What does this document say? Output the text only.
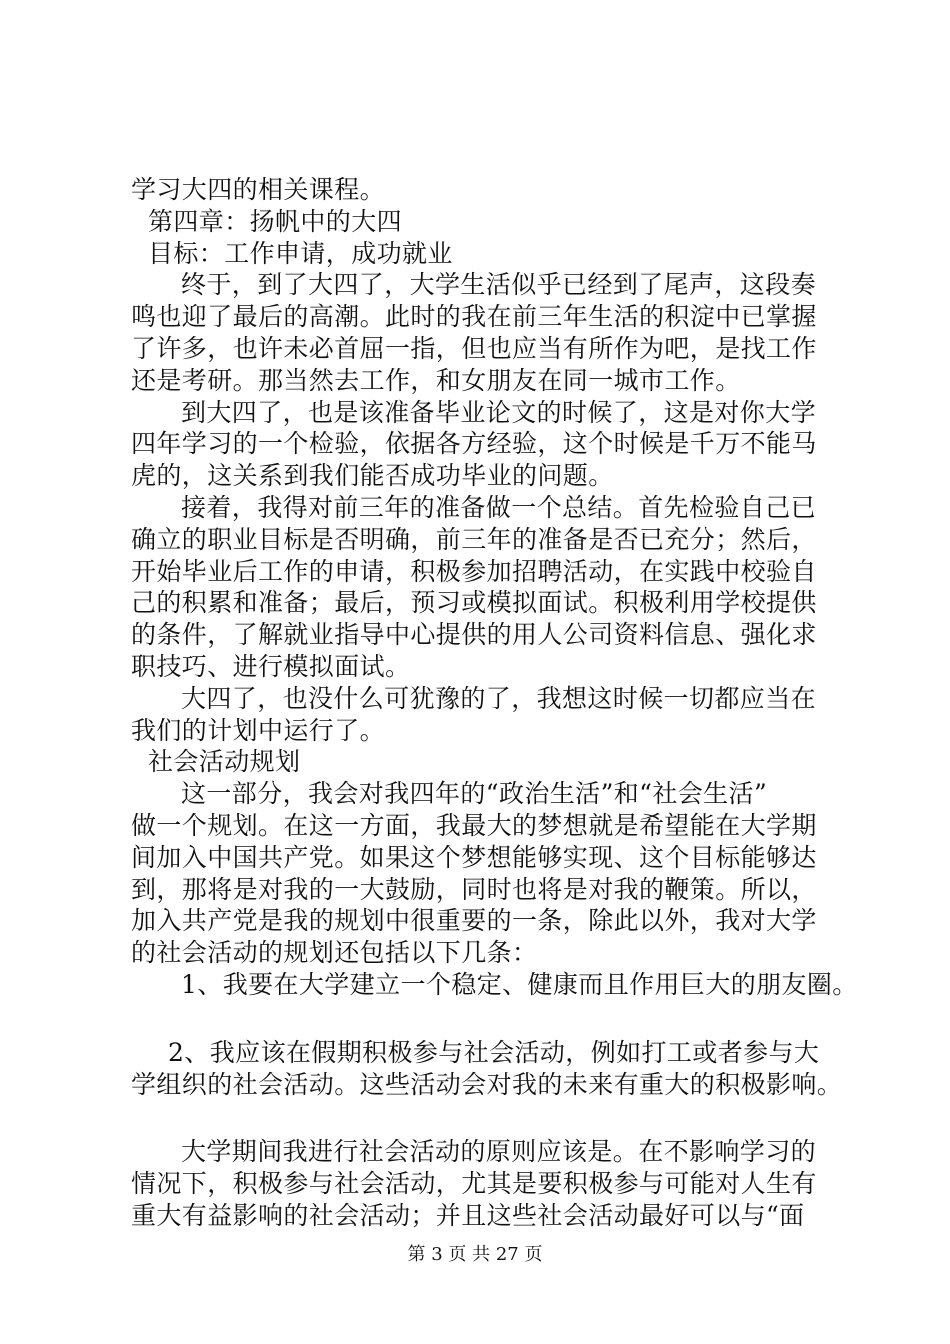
学习大四的相关课程。
第四章：扬帆中的大四
目标：工作申请，成功就业
终于，到了大四了，大学生活似乎已经到了尾声，这段奏
鸣也迎了最后的高潮。此时的我在前三年生活的积淀中已掌握
了许多，也许未必首屈一指，但也应当有所作为吧，是找工作
还是考研。那当然去工作，和女朋友在同一城市工作。
到大四了，也是该准备毕业论文的时候了，这是对你大学
四年学习的一个检验，依据各方经验，这个时候是千万不能马
虎的，这关系到我们能否成功毕业的问题。
接着，我得对前三年的准备做一个总结。首先检验自己已
确立的职业目标是否明确，前三年的准备是否已充分；然后，
开始毕业后工作的申请，积极参加招聘活动，在实践中校验自
己的积累和准备；最后，预习或模拟面试。积极利用学校提供
的条件，了解就业指导中心提供的用人公司资料信息、强化求
职技巧、进行模拟面试。
大四了，也没什么可犹豫的了，我想这时候一切都应当在
我们的计划中运行了。
社会活动规划
这一部分，我会对我四年的“政治生活”和“社会生活”
做一个规划。在这一方面，我最大的梦想就是希望能在大学期
间加入中国共产党。如果这个梦想能够实现、这个目标能够达
到，那将是对我的一大鼓励，同时也将是对我的鞭策。所以，
加入共产党是我的规划中很重要的一条，除此以外，我对大学
的社会活动的规划还包括以下几条：
1、我要在大学建立一个稳定、健康而且作用巨大的朋友圈。
2、我应该在假期积极参与社会活动，例如打工或者参与大
学组织的社会活动。这些活动会对我的未来有重大的积极影响。
大学期间我进行社会活动的原则应该是。在不影响学习的
情况下，积极参与社会活动，尤其是要积极参与可能对人生有
重大有益影响的社会活动；并且这些社会活动最好可以与“面
第 3 页 共 27 页
